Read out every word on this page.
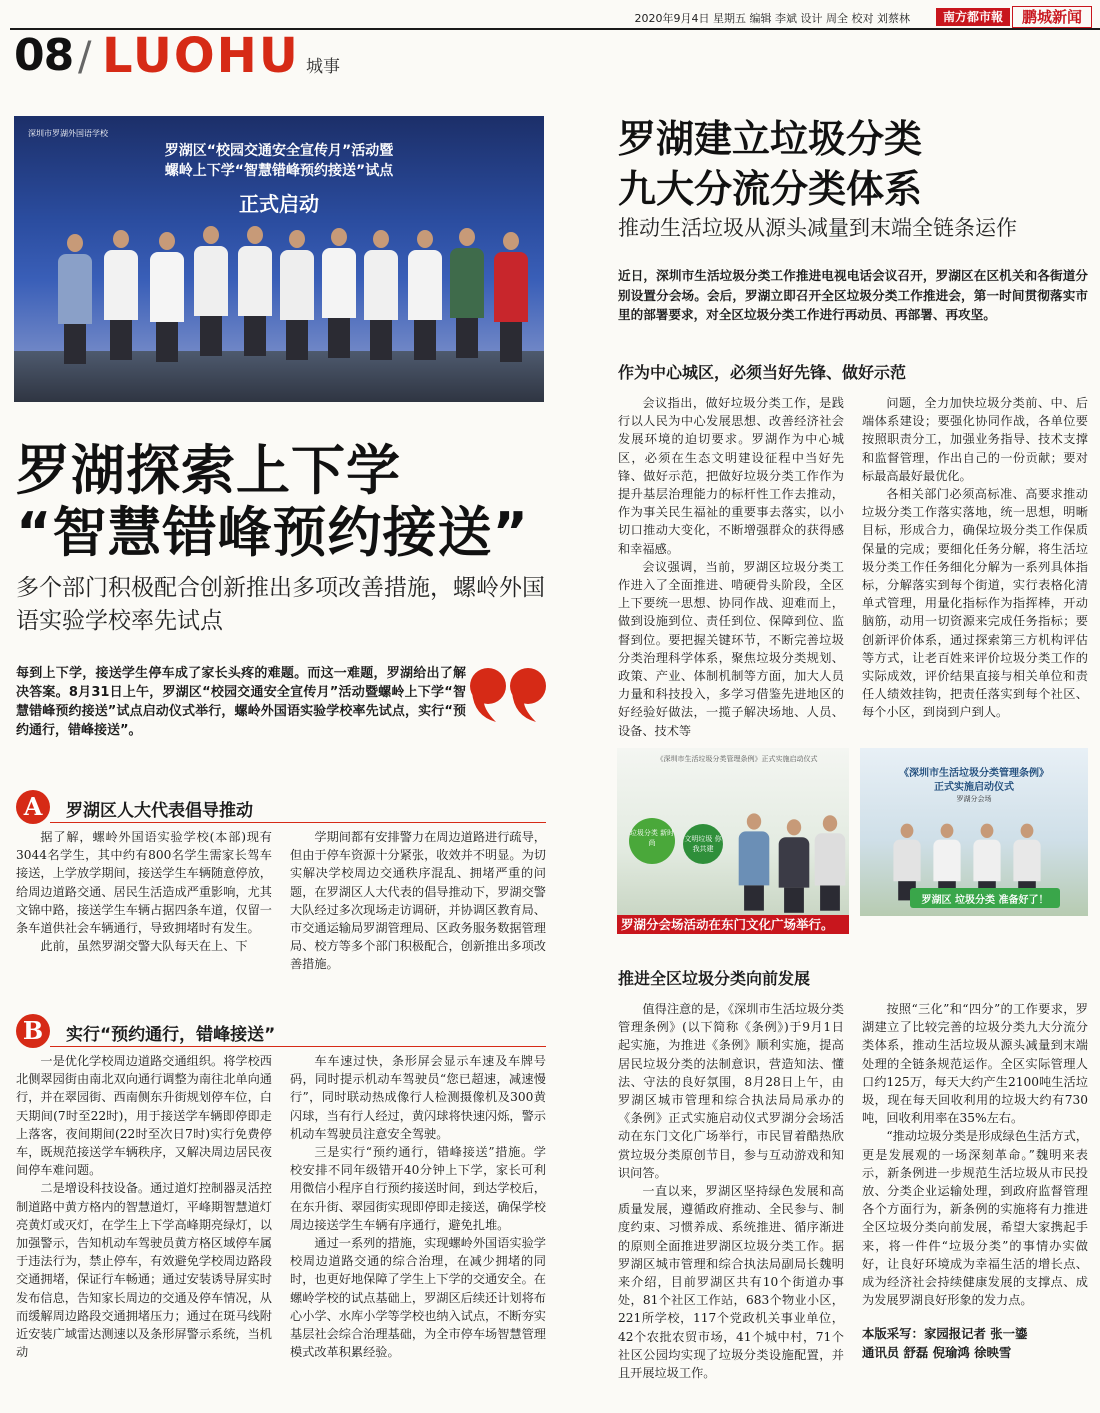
2020年9月4日 星期五 编辑 李斌 设计 周全 校对 刘蔡林	南方都市報	鹏城新闻
08 / LUOHU 城事
深圳市罗湖外国语学校
罗湖区“校园交通安全宣传月”活动暨
螺岭上下学“智慧错峰预约接送”试点
正式启动
罗湖探索上下学
“智慧错峰预约接送”
多个部门积极配合创新推出多项改善措施，螺岭外国语实验学校率先试点
每到上下学，接送学生停车成了家长头疼的难题。而这一难题，罗湖给出了解决答案。8月31日上午，罗湖区“校园交通安全宣传月”活动暨螺岭上下学“智慧错峰预约接送”试点启动仪式举行，螺岭外国语实验学校率先试点，实行“预约通行，错峰接送”。
A	罗湖区人大代表倡导推动

据了解，螺岭外国语实验学校(本部)现有3044名学生，其中约有800名学生需家长驾车接送，上学放学期间，接送学生车辆随意停放，给周边道路交通、居民生活造成严重影响，尤其文锦中路，接送学生车辆占据四条车道，仅留一条车道供社会车辆通行，导致拥堵时有发生。

此前，虽然罗湖交警大队每天在上、下

学期间都有安排警力在周边道路进行疏导，但由于停车资源十分紧张，收效并不明显。为切实解决学校周边交通秩序混乱、拥堵严重的问题，在罗湖区人大代表的倡导推动下，罗湖交警大队经过多次现场走访调研，并协调区教育局、市交通运输局罗湖管理局、区政务服务数据管理局、校方等多个部门积极配合，创新推出多项改善措施。

B	实行“预约通行，错峰接送”

一是优化学校周边道路交通组织。将学校西北侧翠园街由南北双向通行调整为南往北单向通行，并在翠园街、西南侧东升街规划停车位，白天期间(7时至22时)，用于接送学车辆即停即走上落客，夜间期间(22时至次日7时)实行免费停车，既规范接送学车辆秩序，又解决周边居民夜间停车难问题。

二是增设科技设备。通过道灯控制器灵活控制道路中黄方格内的智慧道灯，平峰期智慧道灯亮黄灯或灭灯，在学生上下学高峰期亮绿灯，以加强警示，告知机动车驾驶员黄方格区域停车属于违法行为，禁止停车，有效避免学校周边路段交通拥堵，保证行车畅通；通过安装诱导屏实时发布信息，告知家长周边的交通及停车情况，从而缓解周边路段交通拥堵压力；通过在斑马线附近安装广域雷达测速以及条形屏警示系统，当机动

车车速过快，条形屏会显示车速及车牌号码，同时提示机动车驾驶员“您已超速，减速慢行”，同时联动热成像行人检测摄像机及300黄闪球，当有行人经过，黄闪球将快速闪烁，警示机动车驾驶员注意安全驾驶。

三是实行“预约通行，错峰接送”措施。学校安排不同年级错开40分钟上下学，家长可利用微信小程序自行预约接送时间，到达学校后，在东升街、翠园街实现即停即走接送，确保学校周边接送学生车辆有序通行，避免扎堆。

通过一系列的措施，实现螺岭外国语实验学校周边道路交通的综合治理，在减少拥堵的同时，也更好地保障了学生上下学的交通安全。在螺岭学校的试点基础上，罗湖区后续还计划将布心小学、水库小学等学校也纳入试点，不断夯实基层社会综合治理基础，为全市停车场智慧管理模式改革积累经验。

罗湖建立垃圾分类
九大分流分类体系
推动生活垃圾从源头减量到末端全链条运作
近日，深圳市生活垃圾分类工作推进电视电话会议召开，罗湖区在区机关和各街道分别设置分会场。会后，罗湖立即召开全区垃圾分类工作推进会，第一时间贯彻落实市里的部署要求，对全区垃圾分类工作进行再动员、再部署、再攻坚。
作为中心城区，必须当好先锋、做好示范

会议指出，做好垃圾分类工作，是践行以人民为中心发展思想、改善经济社会发展环境的迫切要求。罗湖作为中心城区，必须在生态文明建设征程中当好先锋、做好示范，把做好垃圾分类工作作为提升基层治理能力的标杆性工作去推动，作为事关民生福祉的重要事去落实，以小切口推动大变化，不断增强群众的获得感和幸福感。

会议强调，当前，罗湖区垃圾分类工作进入了全面推进、啃硬骨头阶段，全区上下要统一思想、协同作战、迎难而上，做到设施到位、责任到位、保障到位、监督到位。要把握关键环节，不断完善垃圾分类治理科学体系，聚焦垃圾分类规划、政策、产业、体制机制等方面，加大人员力量和科技投入，多学习借鉴先进地区的好经验好做法，一揽子解决场地、人员、设备、技术等

问题，全力加快垃圾分类前、中、后端体系建设；要强化协同作战，各单位要按照职责分工，加强业务指导、技术支撑和监督管理，作出自己的一份贡献；要对标最高最好最优化。

各相关部门必须高标准、高要求推动垃圾分类工作落实落地，统一思想，明晰目标，形成合力，确保垃圾分类工作保质保量的完成；要细化任务分解，将生活垃圾分类工作任务细化分解为一系列具体指标，分解落实到每个街道，实行表格化清单式管理，用量化指标作为指挥棒，开动脑筋，动用一切资源来完成任务指标；要创新评价体系，通过探索第三方机构评估等方式，让老百姓来评价垃圾分类工作的实际成效，评价结果直接与相关单位和责任人绩效挂钩，把责任落实到每个社区、每个小区，到岗到户到人。

《深圳市生活垃圾分类管理条例》正式实施启动仪式
垃圾分类 新时尚	文明垃圾 你我共建
《深圳市生活垃圾分类管理条例》
正式实施启动仪式
罗湖分会场
罗湖区 垃圾分类 准备好了！
罗湖分会场活动在东门文化广场举行。
推进全区垃圾分类向前发展

值得注意的是，《深圳市生活垃圾分类管理条例》(以下简称《条例》)于9月1日起实施，为推进《条例》顺利实施，提高居民垃圾分类的法制意识，营造知法、懂法、守法的良好氛围，8月28日上午，由罗湖区城市管理和综合执法局局承办的《条例》正式实施启动仪式罗湖分会场活动在东门文化广场举行，市民冒着酷热欣赏垃圾分类原创节目，参与互动游戏和知识问答。

一直以来，罗湖区坚持绿色发展和高质量发展，遵循政府推动、全民参与、制度约束、习惯养成、系统推进、循序渐进的原则全面推进罗湖区垃圾分类工作。据罗湖区城市管理和综合执法局副局长魏明来介绍，目前罗湖区共有10个街道办事处，81个社区工作站，683个物业小区，221所学校，117个党政机关事业单位，42个农批农贸市场，41个城中村，71个社区公园均实现了垃圾分类设施配置，并且开展垃圾工作。

按照“三化”和“四分”的工作要求，罗湖建立了比较完善的垃圾分类九大分流分类体系，推动生活垃圾从源头减量到末端处理的全链条规范运作。全区实际管理人口约125万，每天大约产生2100吨生活垃圾，现在每天回收利用的垃圾大约有730吨，回收利用率在35%左右。

“推动垃圾分类是形成绿色生活方式，更是发展观的一场深刻革命。”魏明来表示，新条例进一步规范生活垃圾从市民投放、分类企业运输处理，到政府监督管理各个方面行为，新条例的实施将有力推进全区垃圾分类向前发展，希望大家携起手来，将一件件“垃圾分类”的事情办实做好，让良好环境成为幸福生活的增长点、成为经济社会持续健康发展的支撑点、成为发展罗湖良好形象的发力点。

本版采写：家园报记者 张一鎏
通讯员 舒磊 倪瑜鸿 徐映雪
